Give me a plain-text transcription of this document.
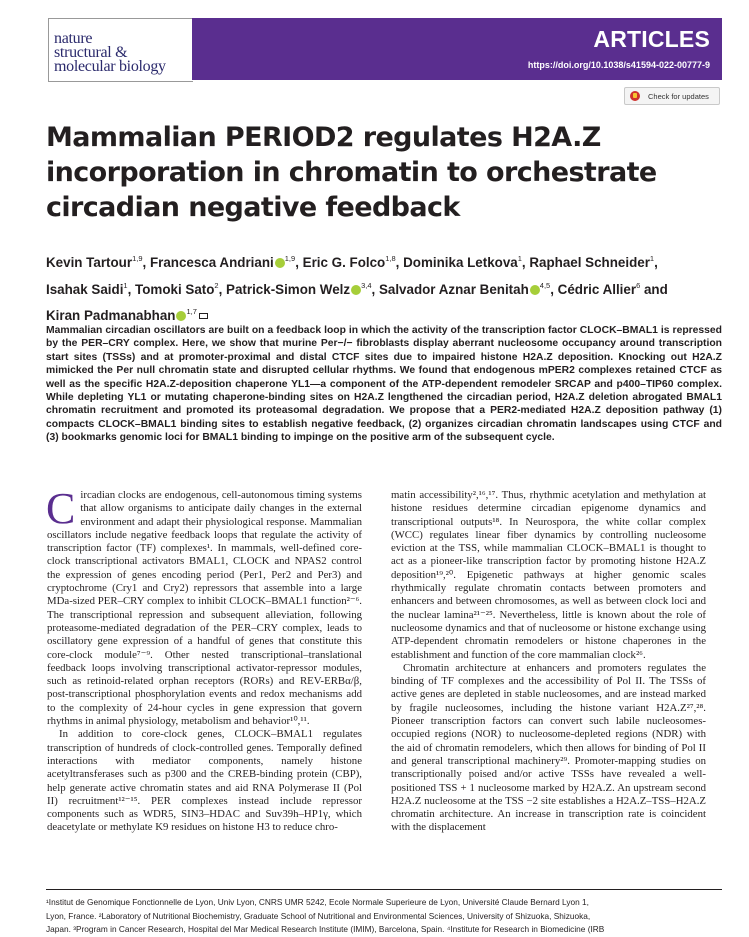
nature
structural &
molecular biology
ARTICLES
https://doi.org/10.1038/s41594-022-00777-9
Check for updates
Mammalian PERIOD2 regulates H2A.Z incorporation in chromatin to orchestrate circadian negative feedback
Kevin Tartour$^{1,9}$, Francesca Andriani $^{1,9}$, Eric G. Folco$^{1,8}$, Dominika Letkova$^1$, Raphael Schneider$^1$, Isahak Saidi$^1$, Tomoki Sato$^2$, Patrick-Simon Welz $^{3,4}$, Salvador Aznar Benitah $^{4,5}$, Cédric Allier$^6$ and Kiran Padmanabhan $^{1,7}$

Mammalian circadian oscillators are built on a feedback loop in which the activity of the transcription factor CLOCK–BMAL1 is repressed by the PER–CRY complex. Here, we show that murine Per−/− fibroblasts display aberrant nucleosome occupancy around transcription start sites (TSSs) and at promoter-proximal and distal CTCF sites due to impaired histone H2A.Z deposition. Knocking out H2A.Z mimicked the Per null chromatin state and disrupted cellular rhythms. We found that endogenous mPER2 complexes retained CTCF as well as the specific H2A.Z-deposition chaperone YL1—a component of the ATP-dependent remodeler SRCAP and p400–TIP60 complex. While depleting YL1 or mutating chaperone-binding sites on H2A.Z lengthened the circadian period, H2A.Z deletion abrogated BMAL1 chromatin recruitment and promoted its proteasomal degradation. We propose that a PER2-mediated H2A.Z deposition pathway (1) compacts CLOCK–BMAL1 binding sites to establish negative feedback, (2) organizes circadian chromatin landscapes using CTCF and (3) bookmarks genomic loci for BMAL1 binding to impinge on the positive arm of the subsequent cycle.

Circadian clocks are endogenous, cell-autonomous timing systems that allow organisms to anticipate daily changes in the external environment and adapt their physiological response. Mammalian oscillators include negative feedback loops that regulate the activity of transcription factor (TF) complexes¹. In mammals, well-defined core-clock transcriptional activators BMAL1, CLOCK and NPAS2 control the expression of genes encoding period (Per1, Per2 and Per3) and cryptochrome (Cry1 and Cry2) repressors that assemble into a large MDa-sized PER–CRY complex to inhibit CLOCK–BMAL1 function²⁻⁶. The transcriptional repression and subsequent alleviation, following proteasome-mediated degradation of the PER–CRY complex, leads to oscillatory gene expression of a handful of genes that constitute this core-clock module⁷⁻⁹. Other nested transcriptional–translational feedback loops involving transcriptional activator-repressor modules, such as retinoid-related orphan receptors (RORs) and REV-ERBα/β, post-transcriptional phosphorylation events and redox mechanisms add to the complexity of 24-hour cycles in gene expression that govern rhythms in animal physiology, metabolism and behavior¹⁰,¹¹.

In addition to core-clock genes, CLOCK–BMAL1 regulates transcription of hundreds of clock-controlled genes. Temporally defined interactions with mediator components, namely histone acetyltransferases such as p300 and the CREB-binding protein (CBP), help generate active chromatin states and aid RNA Polymerase II (Pol II) recruitment¹²⁻¹⁵. PER complexes instead include repressor components such as WDR5, SIN3–HDAC and Suv39h–HP1γ, which deacetylate or methylate K9 residues on histone H3 to reduce chro-

matin accessibility²,¹⁶,¹⁷. Thus, rhythmic acetylation and methylation at histone residues determine circadian epigenome dynamics and transcriptional outputs¹⁸. In Neurospora, the white collar complex (WCC) regulates linear fiber dynamics by controlling nucleosome eviction at the TSS, while mammalian CLOCK–BMAL1 is thought to act as a pioneer-like transcription factor by promoting histone H2A.Z deposition¹⁹,²⁰. Epigenetic pathways at higher genomic scales rhythmically regulate chromatin contacts between promoters and enhancers and between chromosomes, as well as between clock loci and the nuclear lamina²¹⁻²⁵. Nevertheless, little is known about the role of nucleosome dynamics and that of nucleosome or histone exchange using ATP-dependent chromatin remodelers or histone chaperones in the establishment and function of the core mammalian clock²⁶.

Chromatin architecture at enhancers and promoters regulates the binding of TF complexes and the accessibility of Pol II. The TSSs of active genes are depleted in stable nucleosomes, and are instead marked by fragile nucleosomes, including the histone variant H2A.Z²⁷,²⁸. Pioneer transcription factors can convert such labile nucleosomes-occupied regions (NOR) to nucleosome-depleted regions (NDR) with the aid of chromatin remodelers, which then allows for binding of Pol II and general transcriptional machinery²⁹. Promoter-mapping studies on transcriptionally poised and/or active TSSs have revealed a well-positioned TSS + 1 nucleosome marked by H2A.Z. An upstream second H2A.Z nucleosome at the TSS −2 site establishes a H2A.Z–TSS–H2A.Z chromatin architecture. An increase in transcription rate is coincident with the displacement

¹Institut de Genomique Fonctionnelle de Lyon, Univ Lyon, CNRS UMR 5242, Ecole Normale Superieure de Lyon, Université Claude Bernard Lyon 1,

Lyon, France. ²Laboratory of Nutritional Biochemistry, Graduate School of Nutritional and Environmental Sciences, University of Shizuoka, Shizuoka,

Japan. ³Program in Cancer Research, Hospital del Mar Medical Research Institute (IMIM), Barcelona, Spain. ⁴Institute for Research in Biomedicine (IRB
